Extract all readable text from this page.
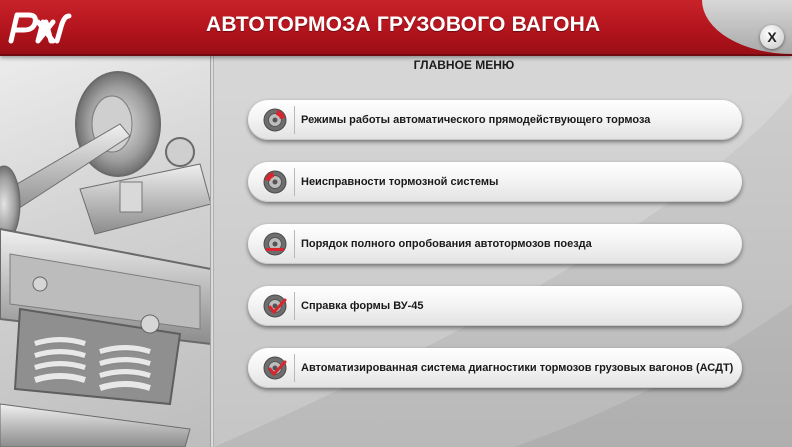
АВТОТОРМОЗА ГРУЗОВОГО ВАГОНА
X
ГЛАВНОЕ МЕНЮ
Режимы работы автоматического прямодействующего тормоза
Неисправности тормозной системы
Порядок полного опробования автотормозов поезда
Справка формы ВУ-45
Автоматизированная система диагностики тормозов грузовых вагонов (АСДТ)
